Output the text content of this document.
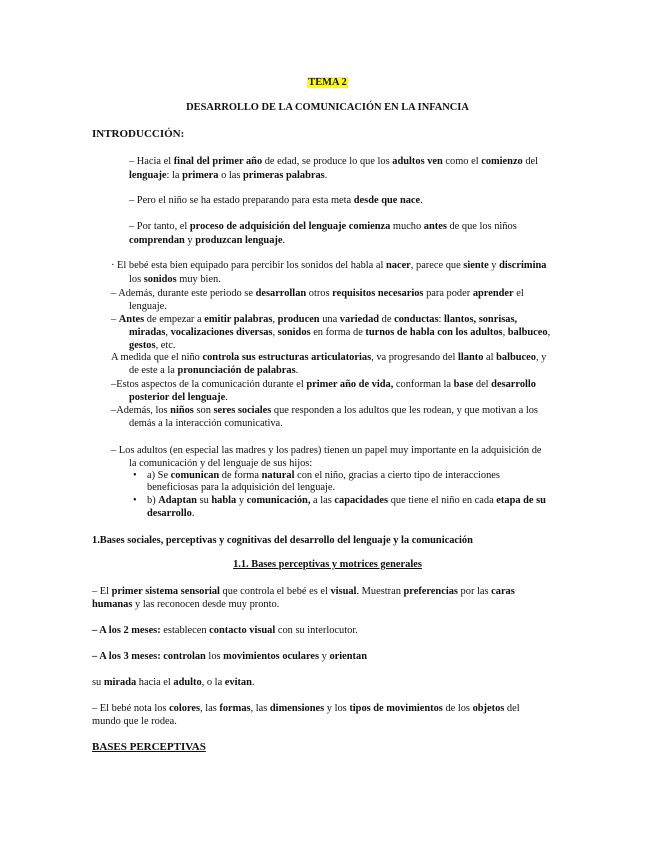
TEMA 2
DESARROLLO DE LA COMUNICACIÓN EN LA INFANCIA
INTRODUCCIÓN:
– Hacia el final del primer año de edad, se produce lo que los adultos ven como el comienzo del
lenguaje: la primera o las primeras palabras.
– Pero el niño se ha estado preparando para esta meta desde que nace.
– Por tanto, el proceso de adquisición del lenguaje comienza mucho antes de que los niños
comprendan y produzcan lenguaje.
· El bebé esta bien equipado para percibir los sonidos del habla al nacer, parece que siente y discrimina
los sonidos muy bien.
– Además, durante este periodo se desarrollan otros requisitos necesarios para poder aprender el
lenguaje.
– Antes de empezar a emitir palabras, producen una variedad de conductas: llantos, sonrisas,
miradas, vocalizaciones diversas, sonidos en forma de turnos de habla con los adultos, balbuceo,
gestos, etc.
A medida que el niño controla sus estructuras articulatorias, va progresando del llanto al balbuceo, y
de este a la pronunciación de palabras.
–Estos aspectos de la comunicación durante el primer año de vida, conforman la base del desarrollo
posterior del lenguaje.
–Además, los niños son seres sociales que responden a los adultos que les rodean, y que motivan a los
demás a la interacción comunicativa.
– Los adultos (en especial las madres y los padres) tienen un papel muy importante en la adquisición de
la comunicación y del lenguaje de sus hijos:
• a) Se comunican de forma natural con el niño, gracias a cierto tipo de interacciones
beneficiosas para la adquisición del lenguaje.
• b) Adaptan su habla y comunicación, a las capacidades que tiene el niño en cada etapa de su
desarrollo.
1.Bases sociales, perceptivas y cognitivas del desarrollo del lenguaje y la comunicación
1.1. Bases perceptivas y motrices generales
– El primer sistema sensorial que controla el bebé es el visual. Muestran preferencias por las caras
humanas y las reconocen desde muy pronto.
– A los 2 meses: establecen contacto visual con su interlocutor.
– A los 3 meses: controlan los movimientos oculares y orientan
su mirada hacia el adulto, o la evitan.
– El bebé nota los colores, las formas, las dimensiones y los tipos de movimientos de los objetos del
mundo que le rodea.
BASES PERCEPTIVAS
